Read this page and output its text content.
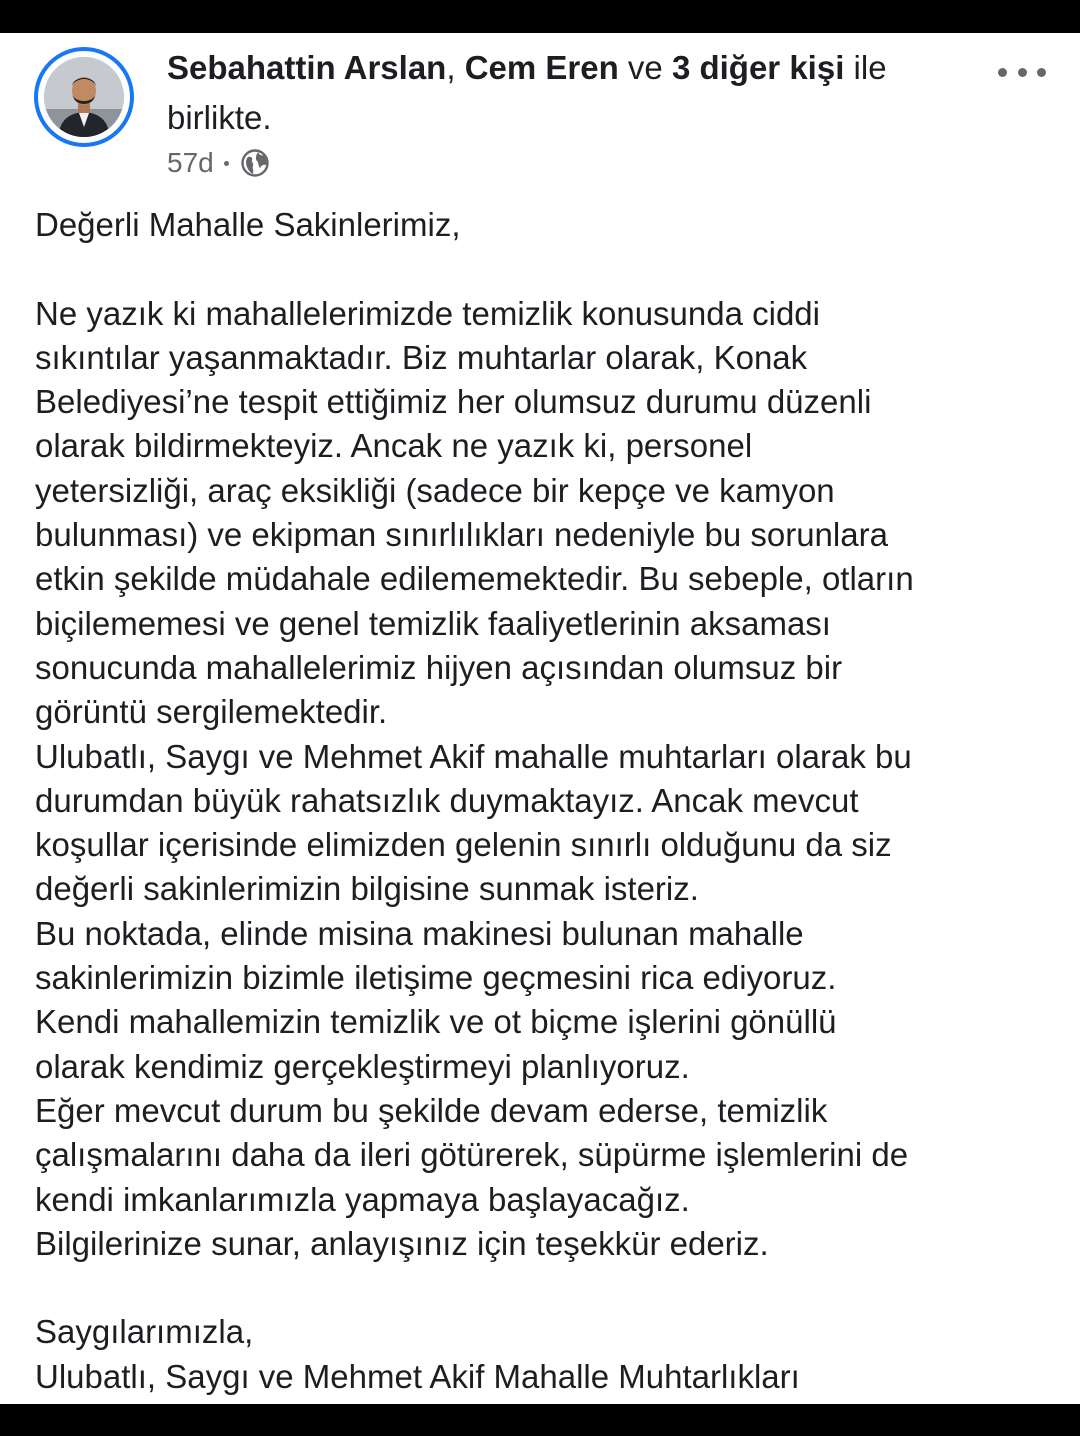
Sebahattin Arslan, Cem Eren ve 3 diğer kişi ile
birlikte.
57d
Değerli Mahalle Sakinlerimiz,
Ne yazık ki mahallelerimizde temizlik konusunda ciddi
sıkıntılar yaşanmaktadır. Biz muhtarlar olarak, Konak
Belediyesi’ne tespit ettiğimiz her olumsuz durumu düzenli
olarak bildirmekteyiz. Ancak ne yazık ki, personel
yetersizliği, araç eksikliği (sadece bir kepçe ve kamyon
bulunması) ve ekipman sınırlılıkları nedeniyle bu sorunlara
etkin şekilde müdahale edilememektedir. Bu sebeple, otların
biçilememesi ve genel temizlik faaliyetlerinin aksaması
sonucunda mahallelerimiz hijyen açısından olumsuz bir
görüntü sergilemektedir.
Ulubatlı, Saygı ve Mehmet Akif mahalle muhtarları olarak bu
durumdan büyük rahatsızlık duymaktayız. Ancak mevcut
koşullar içerisinde elimizden gelenin sınırlı olduğunu da siz
değerli sakinlerimizin bilgisine sunmak isteriz.
Bu noktada, elinde misina makinesi bulunan mahalle
sakinlerimizin bizimle iletişime geçmesini rica ediyoruz.
Kendi mahallemizin temizlik ve ot biçme işlerini gönüllü
olarak kendimiz gerçekleştirmeyi planlıyoruz.
Eğer mevcut durum bu şekilde devam ederse, temizlik
çalışmalarını daha da ileri götürerek, süpürme işlemlerini de
kendi imkanlarımızla yapmaya başlayacağız.
Bilgilerinize sunar, anlayışınız için teşekkür ederiz.
Saygılarımızla,
Ulubatlı, Saygı ve Mehmet Akif Mahalle Muhtarlıkları
